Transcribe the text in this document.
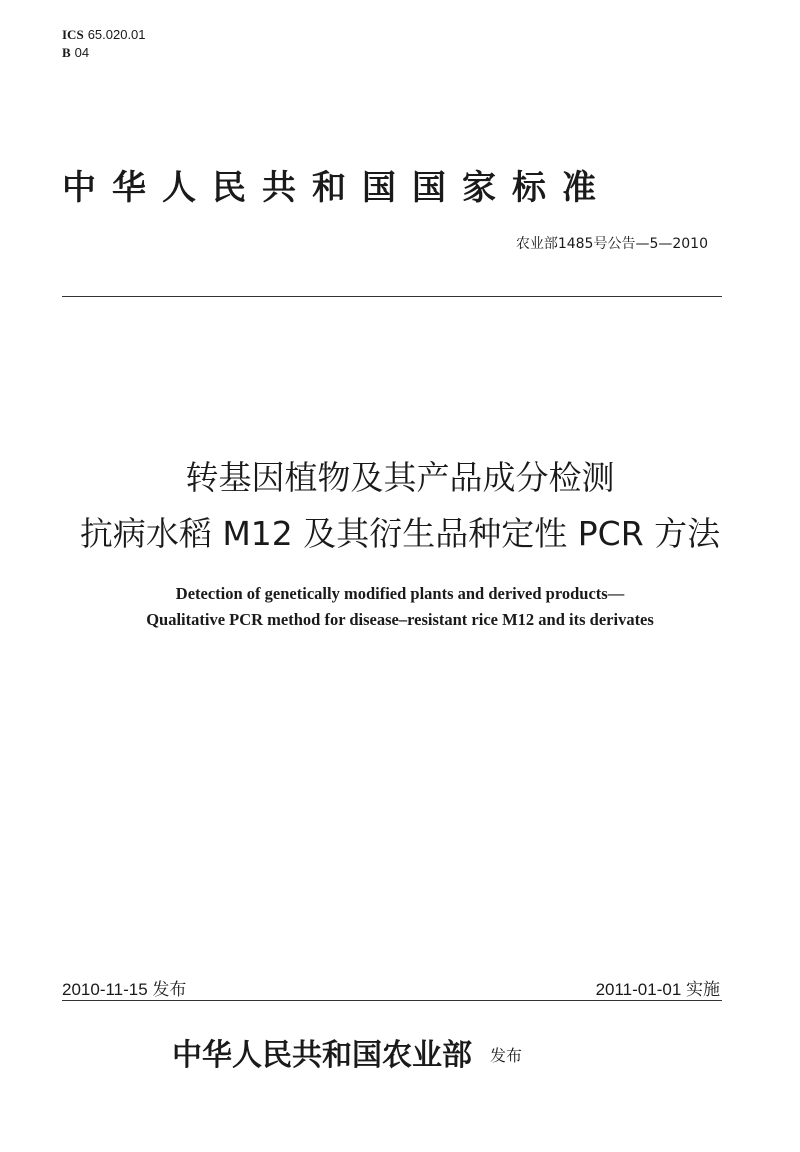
ICS 65.020.01
B 04
中华人民共和国国家标准
农业部1485号公告—5—2010
转基因植物及其产品成分检测
抗病水稻 M12 及其衍生品种定性 PCR 方法
Detection of genetically modified plants and derived products—
Qualitative PCR method for disease–resistant rice M12 and its derivates
2010-11-15 发布	2011-01-01 实施
中华人民共和国农业部 发布
